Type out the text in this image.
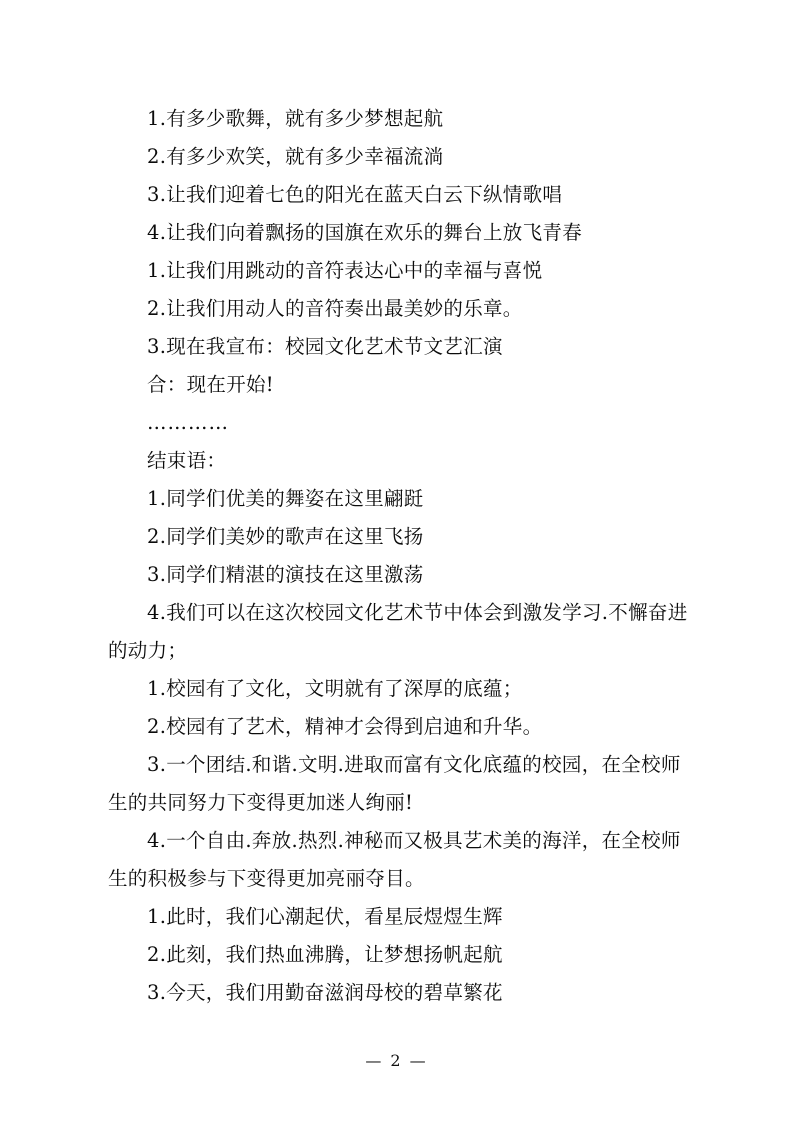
1.有多少歌舞，就有多少梦想起航

2.有多少欢笑，就有多少幸福流淌

3.让我们迎着七色的阳光在蓝天白云下纵情歌唱

4.让我们向着飘扬的国旗在欢乐的舞台上放飞青春

1.让我们用跳动的音符表达心中的幸福与喜悦

2.让我们用动人的音符奏出最美妙的乐章。

3.现在我宣布：校园文化艺术节文艺汇演

合：现在开始!

…………

结束语：

1.同学们优美的舞姿在这里翩跹

2.同学们美妙的歌声在这里飞扬

3.同学们精湛的演技在这里激荡

4.我们可以在这次校园文化艺术节中体会到激发学习.不懈奋进的动力；

1.校园有了文化，文明就有了深厚的底蕴；

2.校园有了艺术，精神才会得到启迪和升华。

3.一个团结.和谐.文明.进取而富有文化底蕴的校园，在全校师生的共同努力下变得更加迷人绚丽!

4.一个自由.奔放.热烈.神秘而又极具艺术美的海洋，在全校师生的积极参与下变得更加亮丽夺目。

1.此时，我们心潮起伏，看星辰煜煜生辉

2.此刻，我们热血沸腾，让梦想扬帆起航

3.今天，我们用勤奋滋润母校的碧草繁花

— 2 —
